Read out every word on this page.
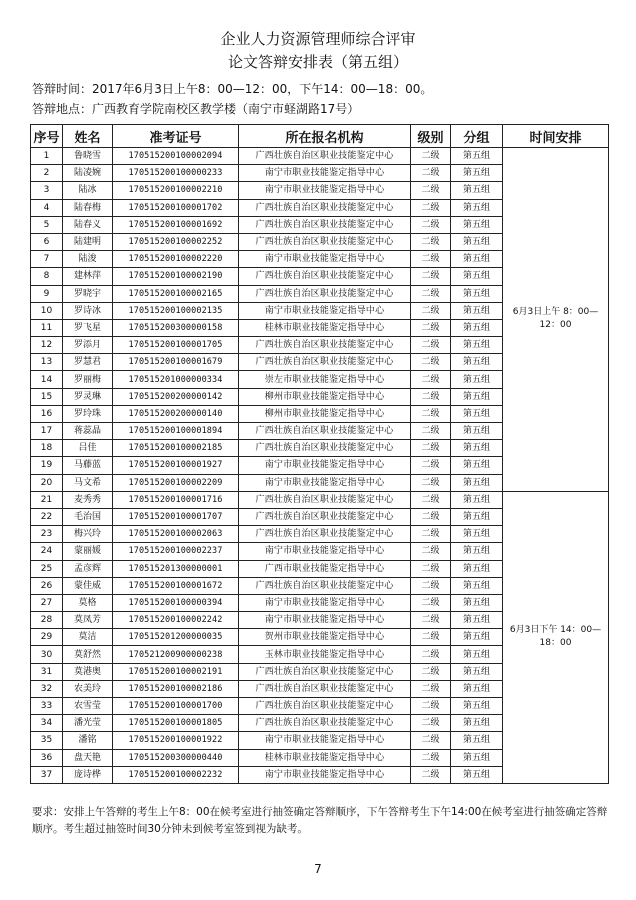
企业人力资源管理师综合评审
论文答辩安排表（第五组）
答辩时间：2017年6月3日上午8：00—12：00，下午14：00—18：00。
答辩地点：广西教育学院南校区教学楼（南宁市蛏湖路17号）
序号	姓名	准考证号	所在报名机构	级别	分组	时间安排
1	鲁晓雪	170515200100002094	广西壮族自治区职业技能鉴定中心	二级	第五组	6月3日上午 8：00—12：00
2	陆凌婉	170515200100000233	南宁市职业技能鉴定指导中心	二级	第五组	
3	陆冰	170515200100002210	南宁市职业技能鉴定指导中心	二级	第五组	
4	陆春梅	170515200100001702	广西壮族自治区职业技能鉴定中心	二级	第五组	
5	陆春义	170515200100001692	广西壮族自治区职业技能鉴定中心	二级	第五组	
6	陆建明	170515200100002252	广西壮族自治区职业技能鉴定中心	二级	第五组	
7	陆浚	170515200100002220	南宁市职业技能鉴定指导中心	二级	第五组	
8	建林萍	170515200100002190	广西壮族自治区职业技能鉴定中心	二级	第五组	
9	罗晓宇	170515200100002165	广西壮族自治区职业技能鉴定中心	二级	第五组	
10	罗诗冰	170515200100002135	南宁市职业技能鉴定指导中心	二级	第五组	
11	罗飞星	170515200300000158	桂林市职业技能鉴定指导中心	二级	第五组	
12	罗添月	170515200100001705	广西壮族自治区职业技能鉴定中心	二级	第五组	
13	罗慧君	170515200100001679	广西壮族自治区职业技能鉴定中心	二级	第五组	
14	罗丽梅	170515201000000334	崇左市职业技能鉴定指导中心	二级	第五组	
15	罗灵琳	170515200200000142	柳州市职业技能鉴定指导中心	二级	第五组	
16	罗玲珠	170515200200000140	柳州市职业技能鉴定指导中心	二级	第五组	
17	蒋蕊晶	170515200100001894	广西壮族自治区职业技能鉴定中心	二级	第五组	
18	吕佳	170515200100002185	广西壮族自治区职业技能鉴定中心	二级	第五组	
19	马藤蓝	170515200100001927	南宁市职业技能鉴定指导中心	二级	第五组	
20	马文希	170515200100002209	南宁市职业技能鉴定指导中心	二级	第五组	
21	麦秀秀	170515200100001716	广西壮族自治区职业技能鉴定中心	二级	第五组	6月3日下午 14：00—18：00
22	毛治国	170515200100001707	广西壮族自治区职业技能鉴定中心	二级	第五组	
23	梅兴玲	170515200100002063	广西壮族自治区职业技能鉴定中心	二级	第五组	
24	蒙丽媛	170515200100002237	南宁市职业技能鉴定指导中心	二级	第五组	
25	孟彦辉	170515201300000001	广西市职业技能鉴定指导中心	二级	第五组	
26	蒙佳威	170515200100001672	广西壮族自治区职业技能鉴定中心	二级	第五组	
27	莫格	170515200100000394	南宁市职业技能鉴定指导中心	二级	第五组	
28	莫凤芳	170515200100002242	南宁市职业技能鉴定指导中心	二级	第五组	
29	莫洁	170515201200000035	贺州市职业技能鉴定指导中心	二级	第五组	
30	莫舒然	170521200900000238	玉林市职业技能鉴定指导中心	二级	第五组	
31	莫港奥	170515200100002191	广西壮族自治区职业技能鉴定中心	二级	第五组	
32	农美玲	170515200100002186	广西壮族自治区职业技能鉴定中心	二级	第五组	
33	农雪莹	170515200100001700	广西壮族自治区职业技能鉴定中心	二级	第五组	
34	潘光莹	170515200100001805	广西壮族自治区职业技能鉴定中心	二级	第五组	
35	潘铭	170515200100001922	南宁市职业技能鉴定指导中心	二级	第五组	
36	盘天艳	170515200300000440	桂林市职业技能鉴定指导中心	二级	第五组	
37	庞诗桦	170515200100002232	南宁市职业技能鉴定指导中心	二级	第五组	
要求：安排上午答辩的考生上午8：00在候考室进行抽签确定答辩顺序，下午答辩考生下午14:00在候考室进行抽签确定答辩顺序。考生超过抽签时间30分钟未到候考室签到视为缺考。
7
